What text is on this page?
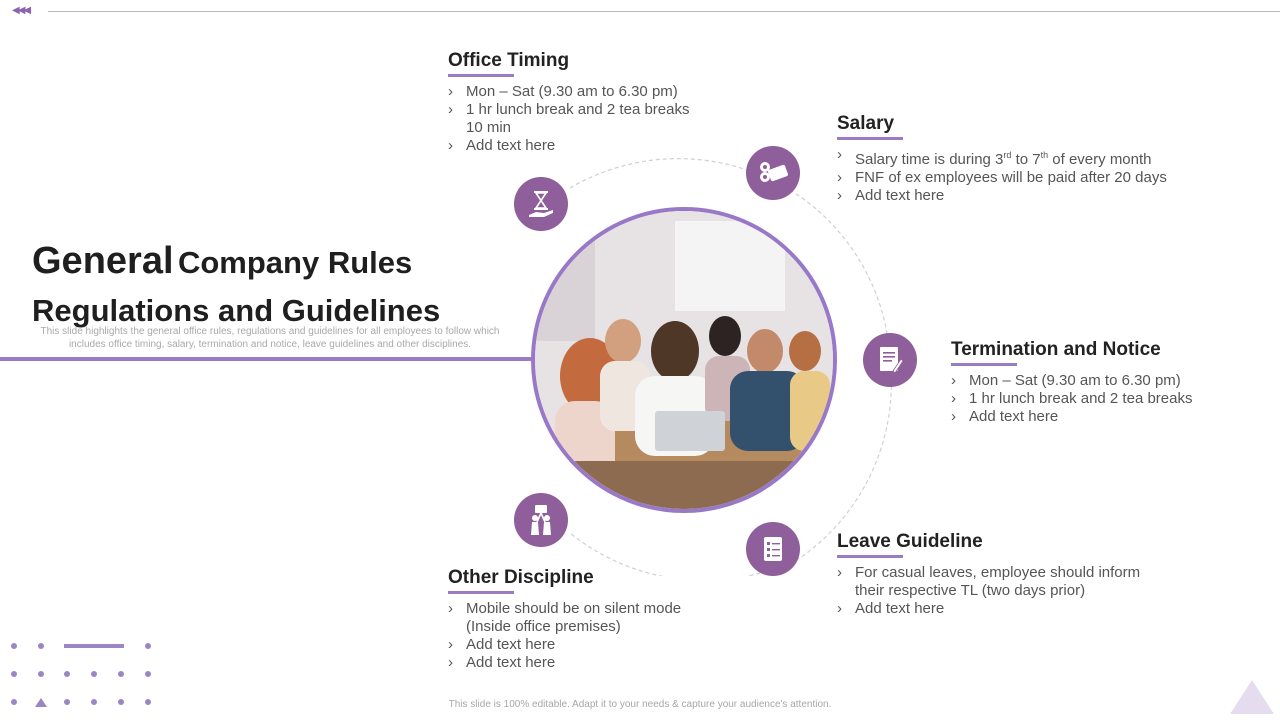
◀◀◀
General Company Rules
Regulations and Guidelines
This slide highlights the general office rules, regulations and guidelines for all employees to follow which includes office timing, salary, termination and notice, leave guidelines and other disciplines.
Office Timing
› Mon – Sat (9.30 am to 6.30 pm)
› 1 hr lunch break and 2 tea breaks 10 min
› Add text here
Salary
› Salary time is during 3rd to 7th of every month
› FNF of ex employees will be paid after 20 days
› Add text here
Termination and Notice
› Mon – Sat (9.30 am to 6.30 pm)
› 1 hr lunch break and 2 tea breaks
› Add text here
Leave Guideline
› For casual leaves, employee should inform their respective TL (two days prior)
› Add text here
Other Discipline
› Mobile should be on silent mode (Inside office premises)
› Add text here
› Add text here
This slide is 100% editable. Adapt it to your needs & capture your audience's attention.
